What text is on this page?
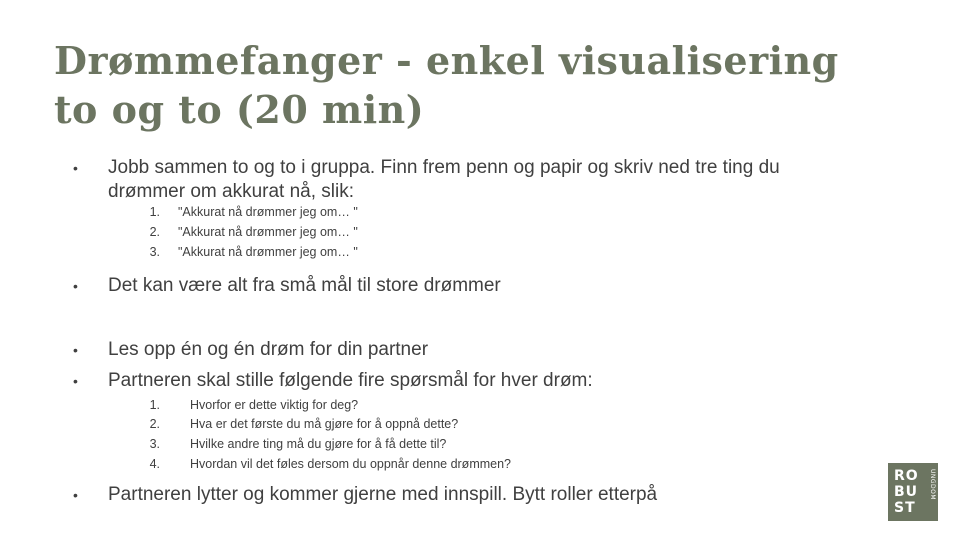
Drømmefanger - enkel visualisering
to og to (20 min)
• Jobb sammen to og to i gruppa. Finn frem penn og papir og skriv ned tre ting du
drømmer om akkurat nå, slik:
1. "Akkurat nå drømmer jeg om… "
2. "Akkurat nå drømmer jeg om… "
3. "Akkurat nå drømmer jeg om… "
• Det kan være alt fra små mål til store drømmer
• Les opp én og én drøm for din partner
• Partneren skal stille følgende fire spørsmål for hver drøm:
1. Hvorfor er dette viktig for deg?
2. Hva er det første du må gjøre for å oppnå dette?
3. Hvilke andre ting må du gjøre for å få dette til?
4. Hvordan vil det føles dersom du oppnår denne drømmen?
• Partneren lytter og kommer gjerne med innspill. Bytt roller etterpå
RO
BU
ST
UNGDOM
